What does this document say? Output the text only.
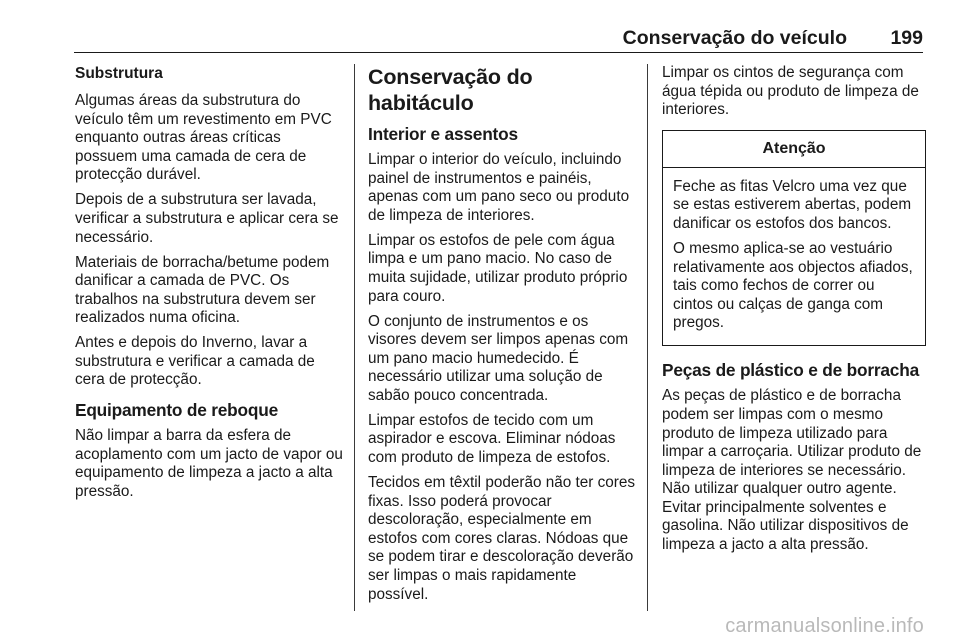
Conservação do veículo 199
Substrutura

Algumas áreas da substrutura do veículo têm um revestimento em PVC enquanto outras áreas críticas possuem uma camada de cera de protecção durável.

Depois de a substrutura ser lavada, verificar a substrutura e aplicar cera se necessário.

Materiais de borracha/betume podem danificar a camada de PVC. Os trabalhos na substrutura devem ser realizados numa oficina.

Antes e depois do Inverno, lavar a substrutura e verificar a camada de cera de protecção.

Equipamento de reboque

Não limpar a barra da esfera de acoplamento com um jacto de vapor ou equipamento de limpeza a jacto a alta pressão.

Conservação do habitáculo
Interior e assentos

Limpar o interior do veículo, incluindo painel de instrumentos e painéis, apenas com um pano seco ou produto de limpeza de interiores.

Limpar os estofos de pele com água limpa e um pano macio. No caso de muita sujidade, utilizar produto próprio para couro.

O conjunto de instrumentos e os visores devem ser limpos apenas com um pano macio humedecido. É necessário utilizar uma solução de sabão pouco concentrada.

Limpar estofos de tecido com um aspirador e escova. Eliminar nódoas com produto de limpeza de estofos.

Tecidos em têxtil poderão não ter cores fixas. Isso poderá provocar descoloração, especialmente em estofos com cores claras. Nódoas que se podem tirar e descoloração deverão ser limpas o mais rapidamente possível.

Limpar os cintos de segurança com água tépida ou produto de limpeza de interiores.

Atenção

Feche as fitas Velcro uma vez que se estas estiverem abertas, podem danificar os estofos dos bancos.

O mesmo aplica-se ao vestuário relativamente aos objectos afiados, tais como fechos de correr ou cintos ou calças de ganga com pregos.

Peças de plástico e de borracha

As peças de plástico e de borracha podem ser limpas com o mesmo produto de limpeza utilizado para limpar a carroçaria. Utilizar produto de limpeza de interiores se necessário. Não utilizar qualquer outro agente. Evitar principalmente solventes e gasolina. Não utilizar dispositivos de limpeza a jacto a alta pressão.

carmanualsonline.info
